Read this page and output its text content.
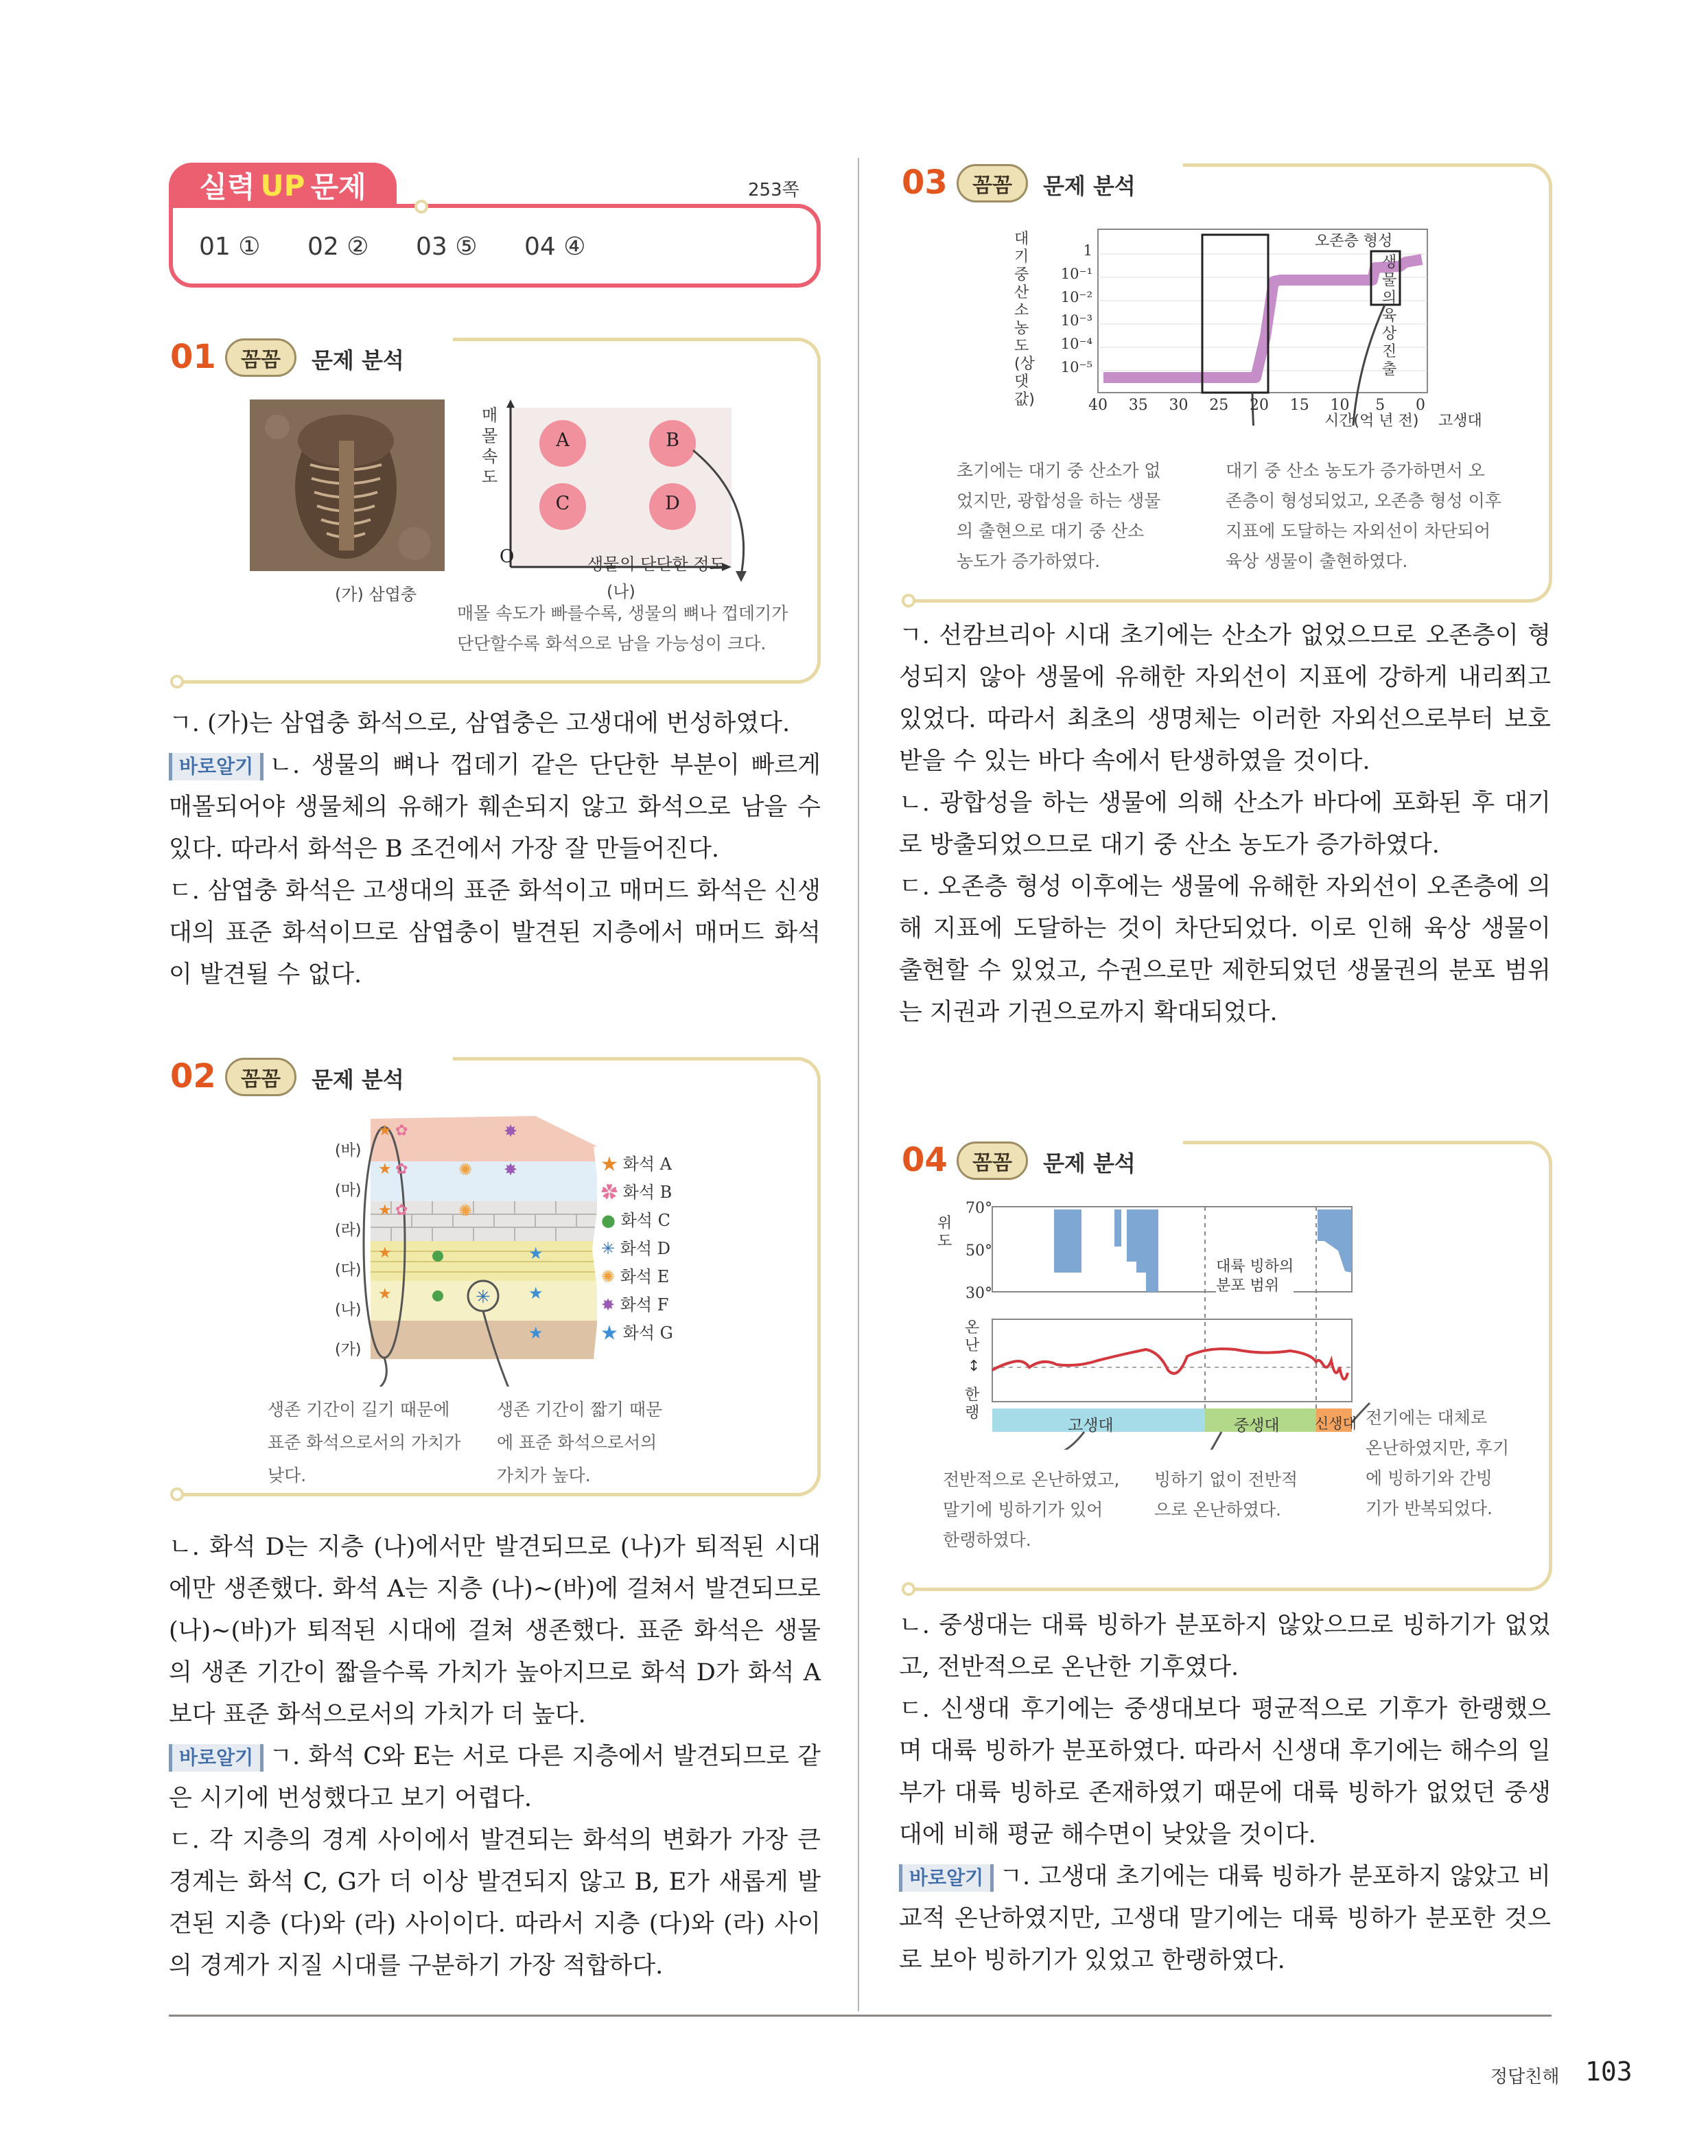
실력 UP 문제	253쪽
01 ① 02 ② 03 ⑤ 04 ④
01	꼼꼼	문제 분석
(가) 삼엽충
A	B
C	D
매몰 속도
O	생물의 단단한 정도
(나)
매몰 속도가 빠를수록, 생물의 뼈나 껍데기가
단단할수록 화석으로 남을 가능성이 크다.

ㄱ. (가)는 삼엽충 화석으로, 삼엽충은 고생대에 번성하였다.

바로알기 ㄴ. 생물의 뼈나 껍데기 같은 단단한 부분이 빠르게 매몰되어야 생물체의 유해가 훼손되지 않고 화석으로 남을 수 있다. 따라서 화석은 B 조건에서 가장 잘 만들어진다.

ㄷ. 삼엽충 화석은 고생대의 표준 화석이고 매머드 화석은 신생대의 표준 화석이므로 삼엽충이 발견된 지층에서 매머드 화석이 발견될 수 없다.

02	꼼꼼	문제 분석
★
★
★
★
★
✿
✿
✿
✳
✺
✺
✸
✸
★
★
★
(바)
(마)
(라)
(다)
(나)
(가)
★ 화석 A
✿ 화석 B
● 화석 C
✳ 화석 D
✺ 화석 E
✸ 화석 F
★ 화석 G
생존 기간이 길기 때문에
표준 화석으로서의 가치가
낮다.
생존 기간이 짧기 때문
에 표준 화석으로서의
가치가 높다.

ㄴ. 화석 D는 지층 (나)에서만 발견되므로 (나)가 퇴적된 시대에만 생존했다. 화석 A는 지층 (나)~(바)에 걸쳐서 발견되므로 (나)~(바)가 퇴적된 시대에 걸쳐 생존했다. 표준 화석은 생물의 생존 기간이 짧을수록 가치가 높아지므로 화석 D가 화석 A보다 표준 화석으로서의 가치가 더 높다.

바로알기 ㄱ. 화석 C와 E는 서로 다른 지층에서 발견되므로 같은 시기에 번성했다고 보기 어렵다.

ㄷ. 각 지층의 경계 사이에서 발견되는 화석의 변화가 가장 큰 경계는 화석 C, G가 더 이상 발견되지 않고 B, E가 새롭게 발견된 지층 (다)와 (라) 사이이다. 따라서 지층 (다)와 (라) 사이의 경계가 지질 시대를 구분하기 가장 적합하다.

03	꼼꼼	문제 분석
대기 중 산소 농도 (상댓값)
1
10⁻¹
10⁻²
10⁻³
10⁻⁴
10⁻⁵
40 35 30 25 20 15 10	5	0
시간(억 년 전) 고생대
오존층 형성
생물의 육상 진출
초기에는 대기 중 산소가 없
었지만, 광합성을 하는 생물
의 출현으로 대기 중 산소
농도가 증가하였다.
대기 중 산소 농도가 증가하면서 오
존층이 형성되었고, 오존층 형성 이후
지표에 도달하는 자외선이 차단되어
육상 생물이 출현하였다.

ㄱ. 선캄브리아 시대 초기에는 산소가 없었으므로 오존층이 형성되지 않아 생물에 유해한 자외선이 지표에 강하게 내리쬐고 있었다. 따라서 최초의 생명체는 이러한 자외선으로부터 보호받을 수 있는 바다 속에서 탄생하였을 것이다.

ㄴ. 광합성을 하는 생물에 의해 산소가 바다에 포화된 후 대기로 방출되었으므로 대기 중 산소 농도가 증가하였다.

ㄷ. 오존층 형성 이후에는 생물에 유해한 자외선이 오존층에 의해 지표에 도달하는 것이 차단되었다. 이로 인해 육상 생물이 출현할 수 있었고, 수권으로만 제한되었던 생물권의 분포 범위는 지권과 기권으로까지 확대되었다.

04	꼼꼼	문제 분석
위도
70°
50°
30°
온난
↕
한랭
대륙 빙하의
분포 범위
고생대	중생대 신생대
전반적으로 온난하였고,
말기에 빙하기가 있어
한랭하였다.
빙하기 없이 전반적
으로 온난하였다.
전기에는 대체로
온난하였지만, 후기
에 빙하기와 간빙
기가 반복되었다.

ㄴ. 중생대는 대륙 빙하가 분포하지 않았으므로 빙하기가 없었고, 전반적으로 온난한 기후였다.

ㄷ. 신생대 후기에는 중생대보다 평균적으로 기후가 한랭했으며 대륙 빙하가 분포하였다. 따라서 신생대 후기에는 해수의 일부가 대륙 빙하로 존재하였기 때문에 대륙 빙하가 없었던 중생대에 비해 평균 해수면이 낮았을 것이다.

바로알기 ㄱ. 고생대 초기에는 대륙 빙하가 분포하지 않았고 비교적 온난하였지만, 고생대 말기에는 대륙 빙하가 분포한 것으로 보아 빙하기가 있었고 한랭하였다.

정답친해 103
